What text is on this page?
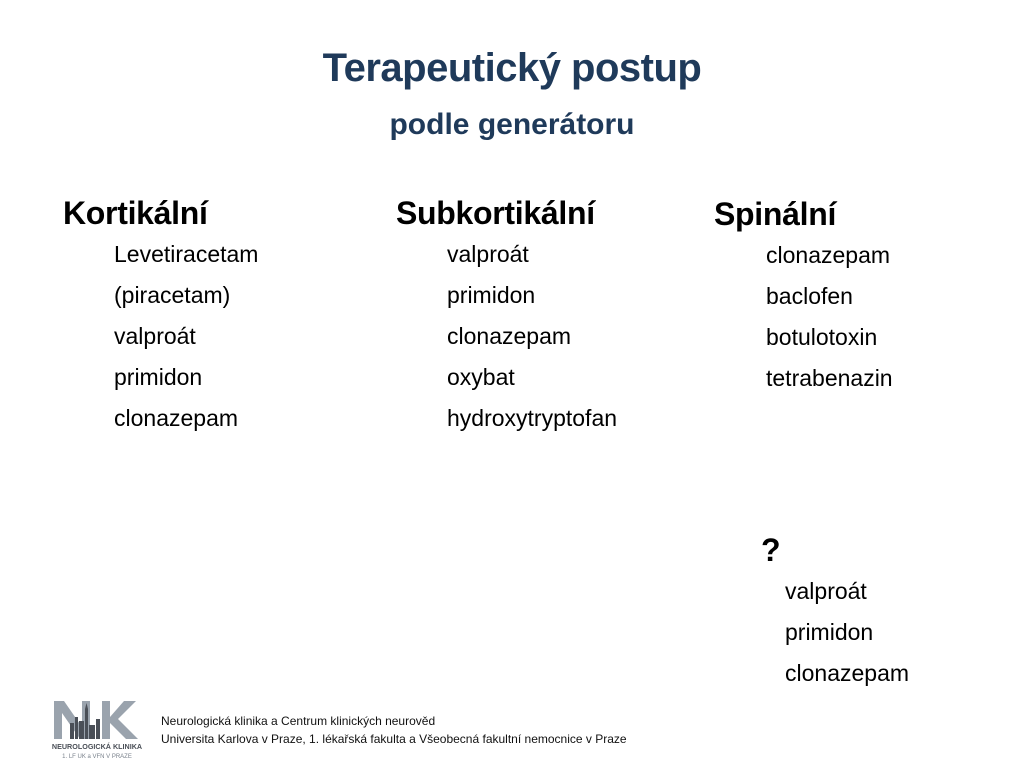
Terapeutický postup
podle generátoru
Kortikální
Levetiracetam
(piracetam)
valproát
primidon
clonazepam
Subkortikální
valproát
primidon
clonazepam
oxybat
hydroxytryptofan
Spinální
clonazepam
baclofen
botulotoxin
tetrabenazin
?
valproát
primidon
clonazepam
NEUROLOGICKÁ KLINIKA
1. LF UK a VFN V PRAZE
Neurologická klinika a Centrum klinických neurověd
Universita Karlova v Praze, 1. lékařská fakulta a Všeobecná fakultní nemocnice v Praze
